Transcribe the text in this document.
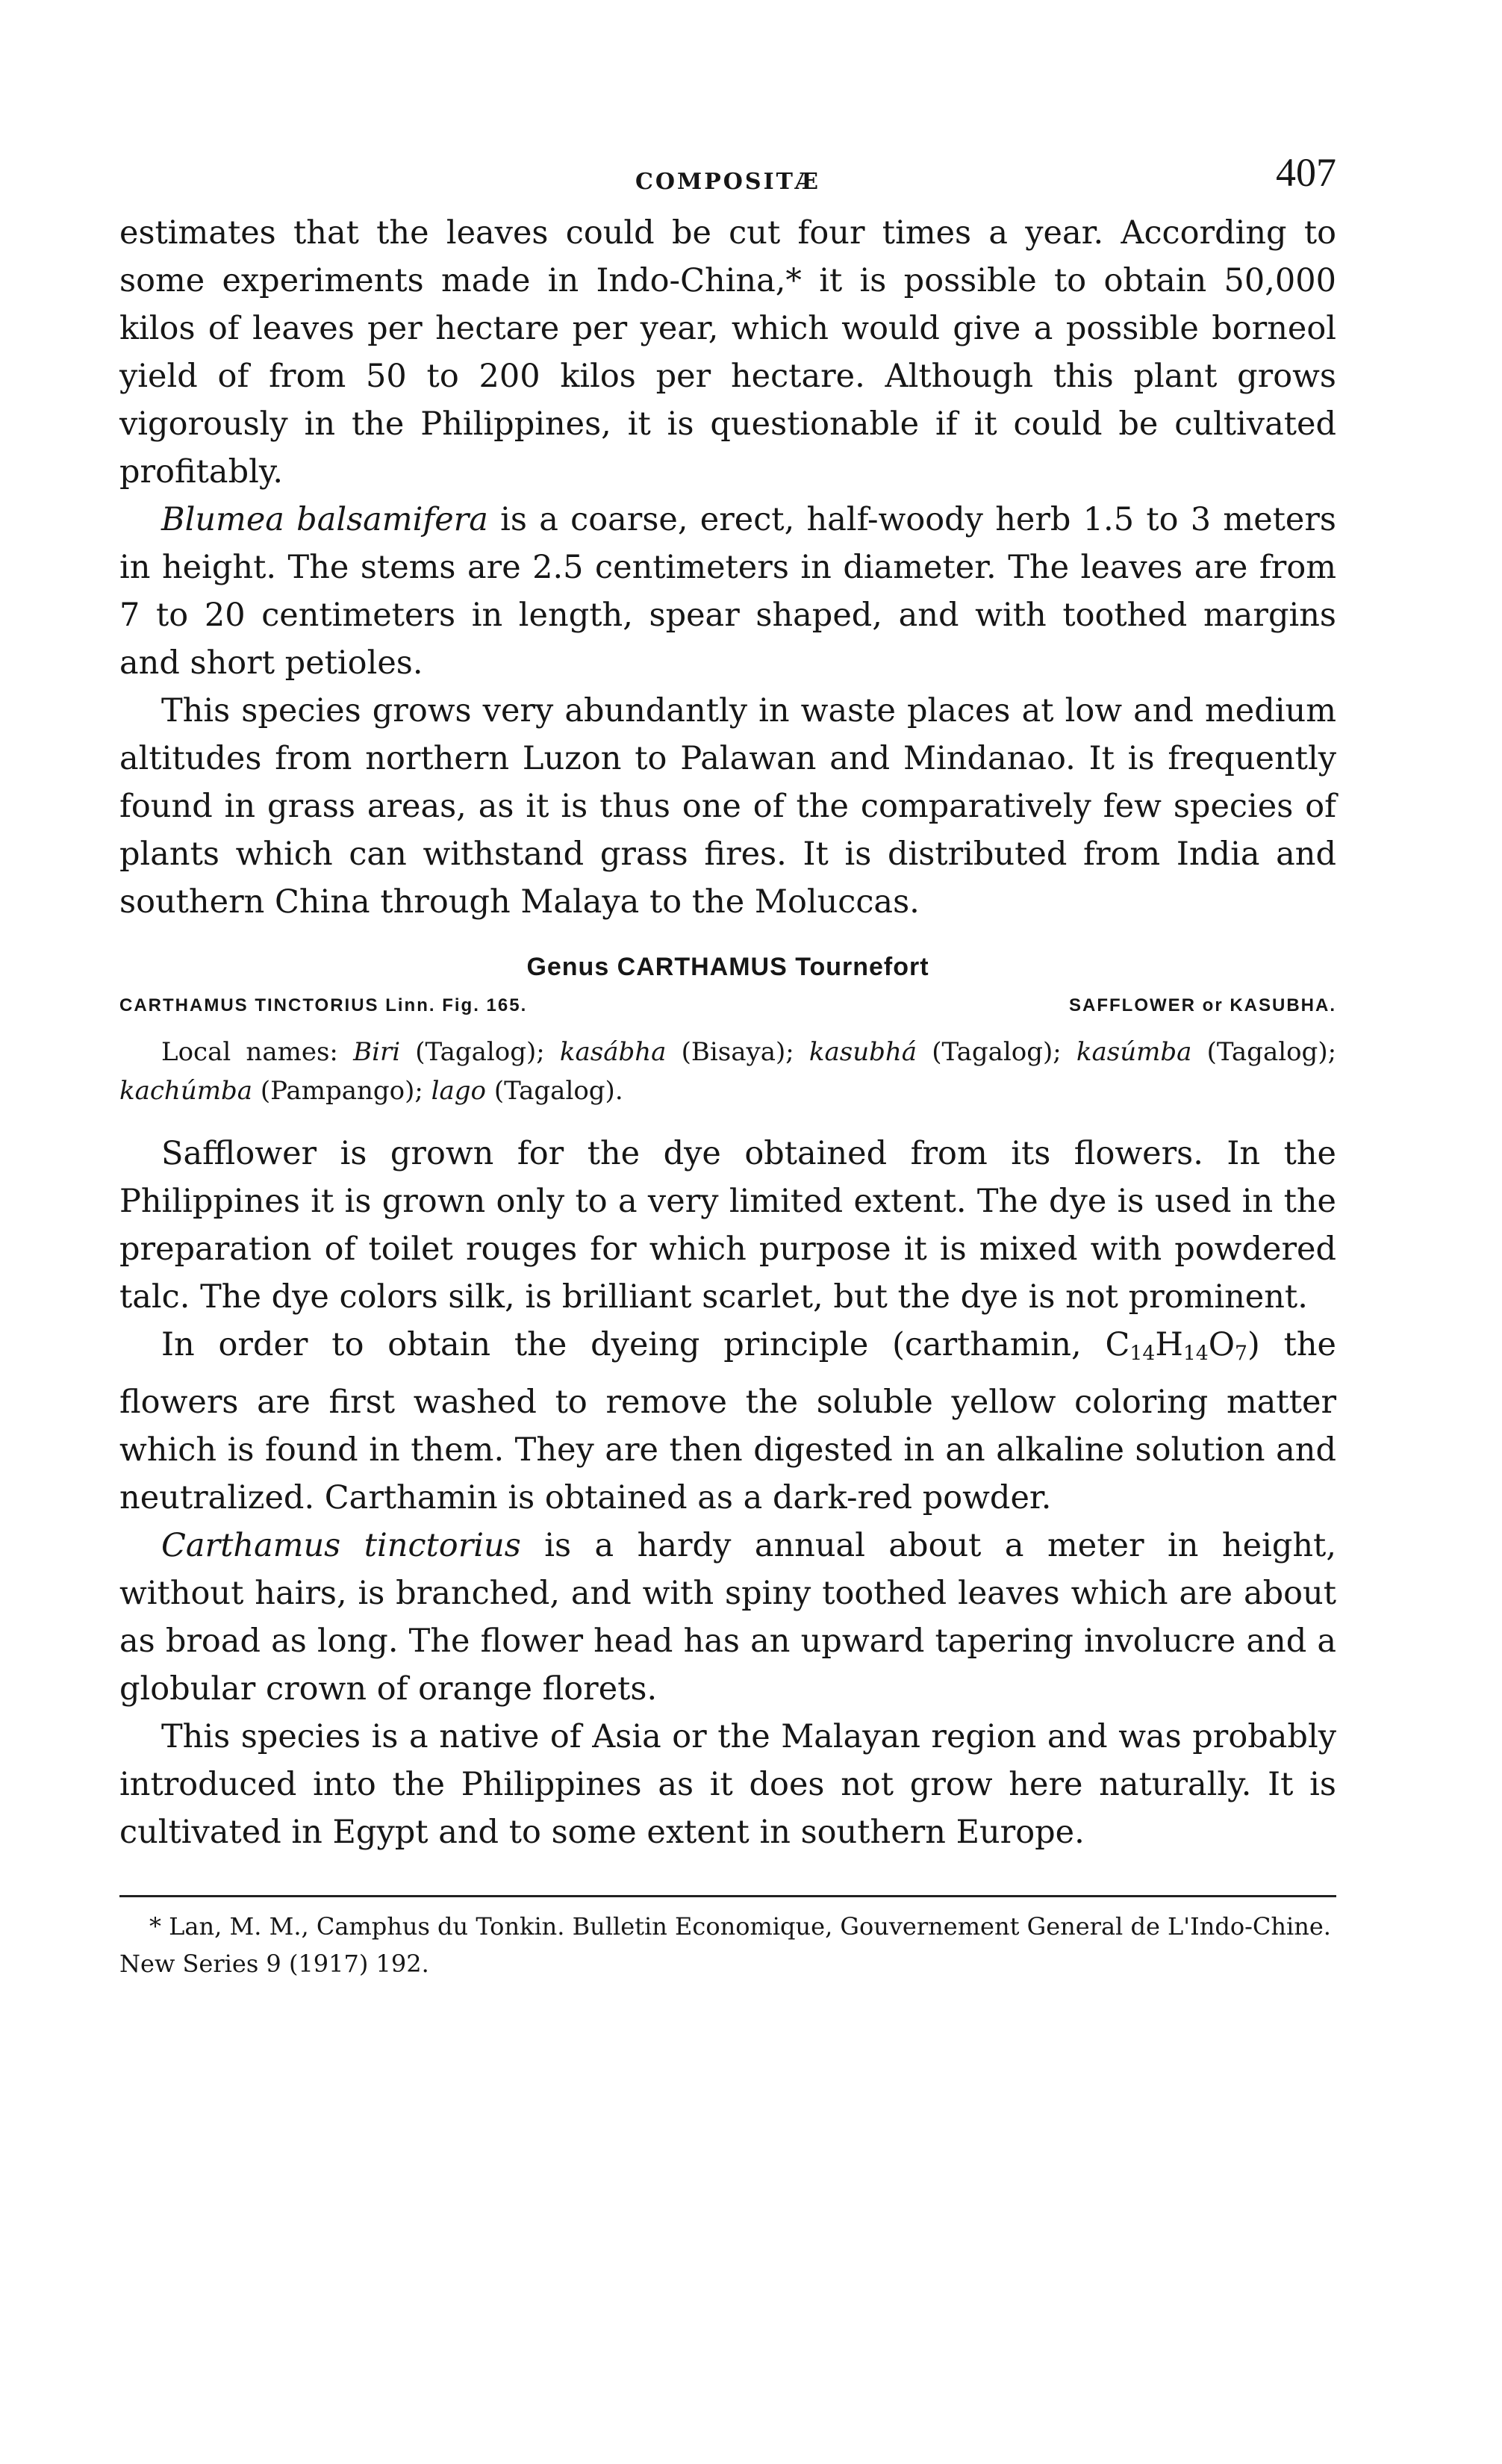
COMPOSITÆ	407

estimates that the leaves could be cut four times a year. According to some experiments made in Indo-China,* it is possible to obtain 50,000 kilos of leaves per hectare per year, which would give a possible borneol yield of from 50 to 200 kilos per hectare. Although this plant grows vigorously in the Philippines, it is questionable if it could be cultivated profitably.

Blumea balsamifera is a coarse, erect, half-woody herb 1.5 to 3 meters in height. The stems are 2.5 centimeters in diameter. The leaves are from 7 to 20 centimeters in length, spear shaped, and with toothed margins and short petioles.

This species grows very abundantly in waste places at low and medium altitudes from northern Luzon to Palawan and Mindanao. It is frequently found in grass areas, as it is thus one of the comparatively few species of plants which can withstand grass fires. It is distributed from India and southern China through Malaya to the Moluccas.

Genus CARTHAMUS Tournefort
CARTHAMUS TINCTORIUS Linn. Fig. 165.	SAFFLOWER or KASUBHA.
Local names: Biri (Tagalog); kasábha (Bisaya); kasubhá (Tagalog); kasúmba (Tagalog); kachúmba (Pampango); lago (Tagalog).

Safflower is grown for the dye obtained from its flowers. In the Philippines it is grown only to a very limited extent. The dye is used in the preparation of toilet rouges for which purpose it is mixed with powdered talc. The dye colors silk, is brilliant scarlet, but the dye is not prominent.

In order to obtain the dyeing principle (carthamin, $C_{14}H_{14}O_7$) the flowers are first washed to remove the soluble yellow coloring matter which is found in them. They are then digested in an alkaline solution and neutralized. Carthamin is obtained as a dark-red powder.

Carthamus tinctorius is a hardy annual about a meter in height, without hairs, is branched, and with spiny toothed leaves which are about as broad as long. The flower head has an upward tapering involucre and a globular crown of orange florets.

This species is a native of Asia or the Malayan region and was probably introduced into the Philippines as it does not grow here naturally. It is cultivated in Egypt and to some extent in southern Europe.

* Lan, M. M., Camphus du Tonkin. Bulletin Economique, Gouvernement General de L'Indo-Chine. New Series 9 (1917) 192.
